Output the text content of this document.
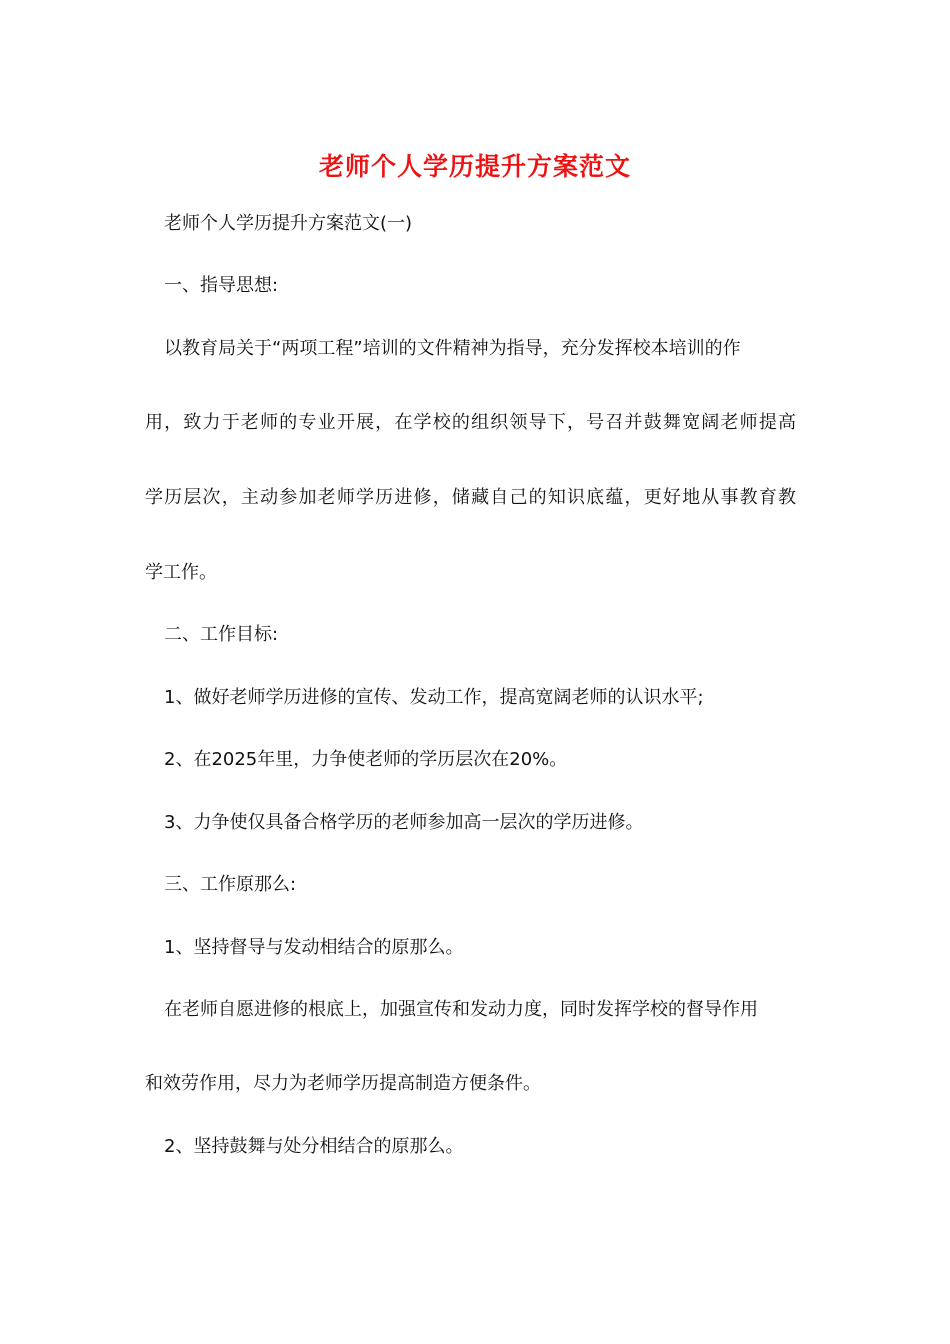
老师个人学历提升方案范文
老师个人学历提升方案范文(一)
一、指导思想:
以教育局关于“两项工程”培训的文件精神为指导，充分发挥校本培训的作
用，致力于老师的专业开展，在学校的组织领导下，号召并鼓舞宽阔老师提高
学历层次，主动参加老师学历进修，储藏自己的知识底蕴，更好地从事教育教
学工作。
二、工作目标:
1、做好老师学历进修的宣传、发动工作，提高宽阔老师的认识水平;
2、在2025年里，力争使老师的学历层次在20%。
3、力争使仅具备合格学历的老师参加高一层次的学历进修。
三、工作原那么:
1、坚持督导与发动相结合的原那么。
在老师自愿进修的根底上，加强宣传和发动力度，同时发挥学校的督导作用
和效劳作用，尽力为老师学历提高制造方便条件。
2、坚持鼓舞与处分相结合的原那么。
